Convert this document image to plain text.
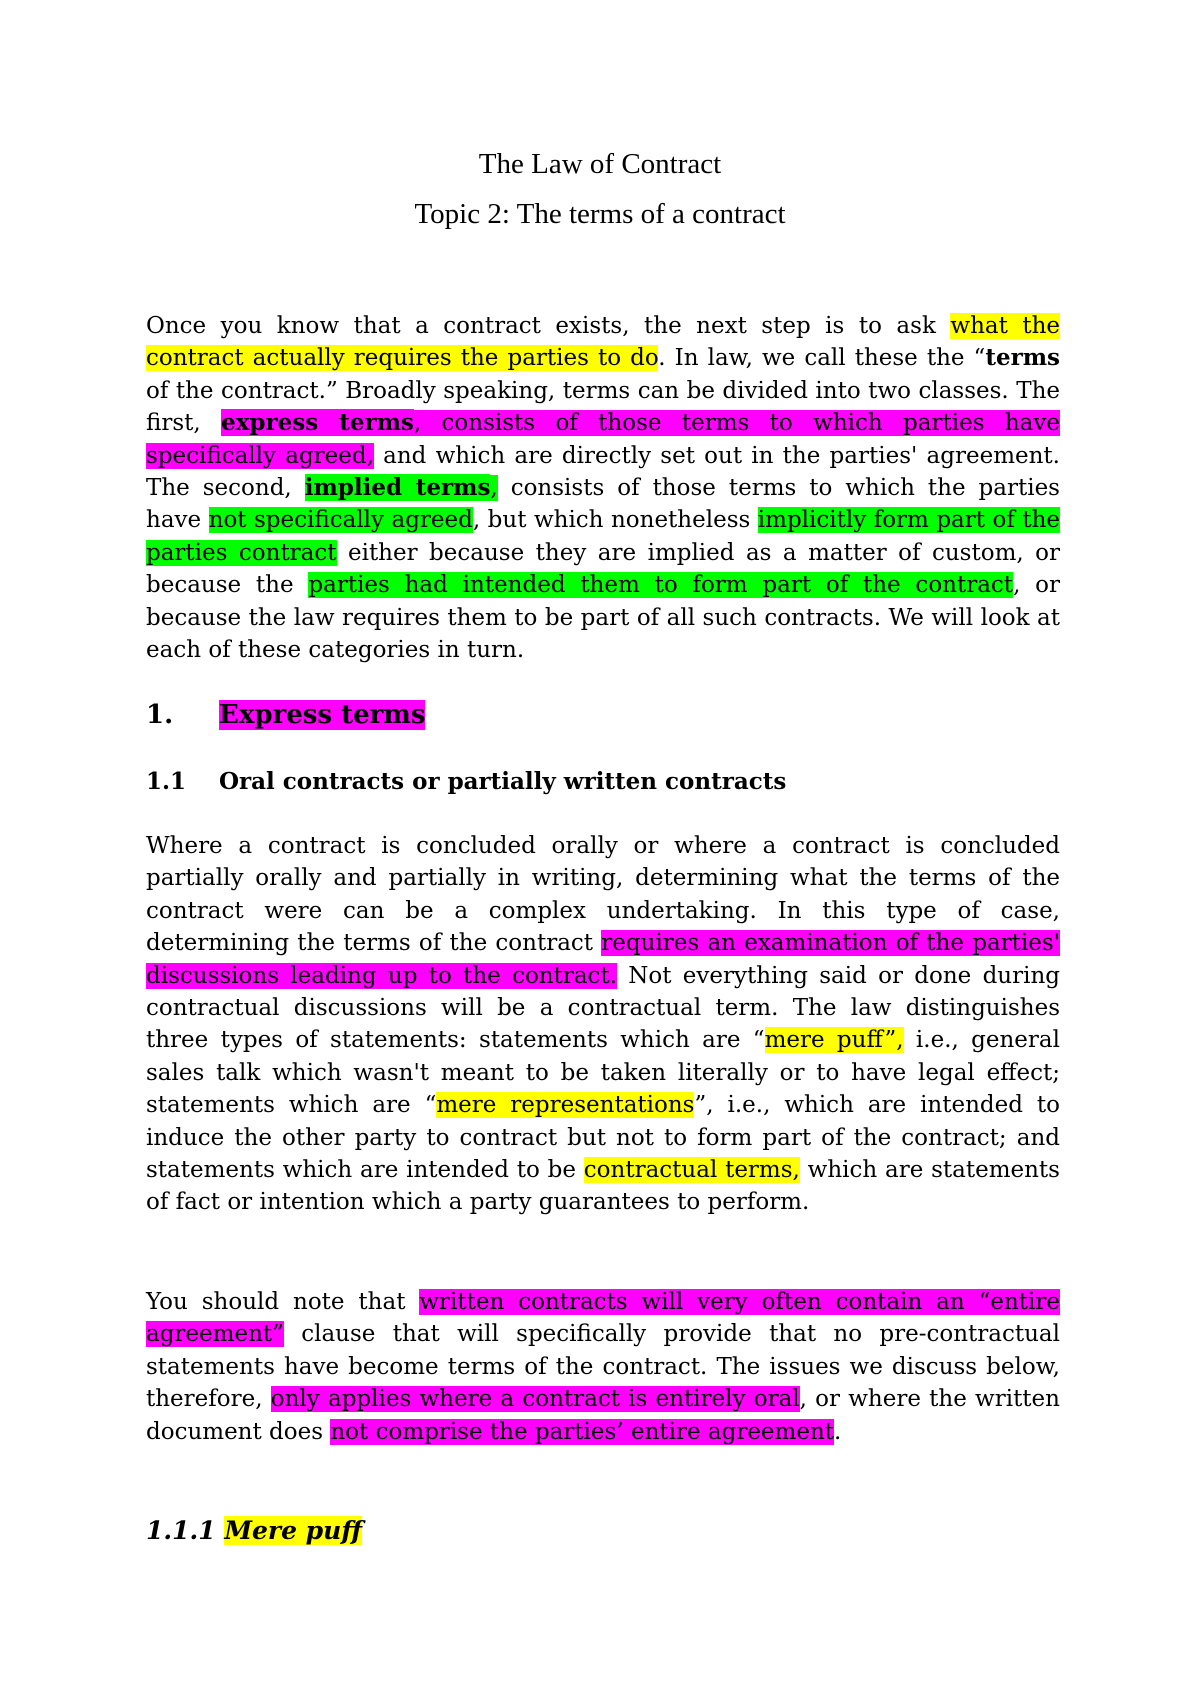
The Law of Contract
Topic 2: The terms of a contract
Once you know that a contract exists, the next step is to ask what the contract actually requires the parties to do. In law, we call these the “terms of the contract.” Broadly speaking, terms can be divided into two classes. The first, express terms, consists of those terms to which parties have specifically agreed, and which are directly set out in the parties' agreement. The second, implied terms, consists of those terms to which the parties have not specifically agreed, but which nonetheless implicitly form part of the parties contract either because they are implied as a matter of custom, or because the parties had intended them to form part of the contract, or because the law requires them to be part of all such contracts. We will look at each of these categories in turn.
1. Express terms
1.1 Oral contracts or partially written contracts
Where a contract is concluded orally or where a contract is concluded partially orally and partially in writing, determining what the terms of the contract were can be a complex undertaking. In this type of case, determining the terms of the contract requires an examination of the parties' discussions leading up to the contract. Not everything said or done during contractual discussions will be a contractual term. The law distinguishes three types of statements: statements which are “mere puff”, i.e., general sales talk which wasn't meant to be taken literally or to have legal effect; statements which are “mere representations”, i.e., which are intended to induce the other party to contract but not to form part of the contract; and statements which are intended to be contractual terms, which are statements of fact or intention which a party guarantees to perform.
You should note that written contracts will very often contain an “entire agreement” clause that will specifically provide that no pre-contractual statements have become terms of the contract. The issues we discuss below, therefore, only applies where a contract is entirely oral, or where the written document does not comprise the parties’ entire agreement.
1.1.1 Mere puff
